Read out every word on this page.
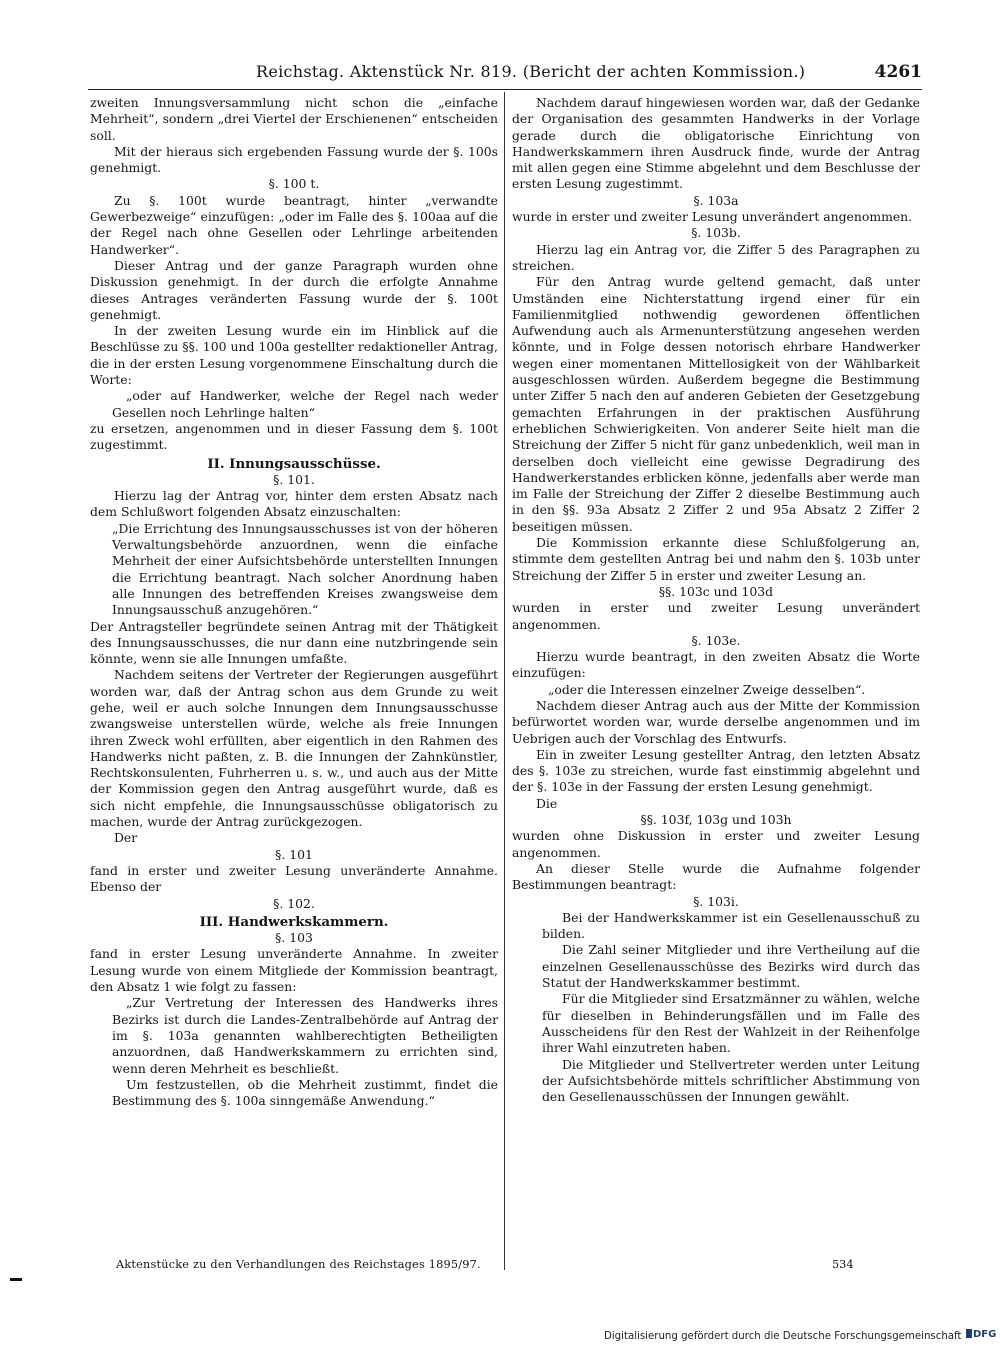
Reichstag. Aktenstück Nr. 819. (Bericht der achten Kommission.)	4261

zweiten Innungsversammlung nicht schon die „einfache Mehrheit“, sondern „drei Viertel der Erschienenen“ entscheiden soll.

Mit der hieraus sich ergebenden Fassung wurde der §. 100s genehmigt.

§. 100 t.

Zu §. 100t wurde beantragt, hinter „verwandte Gewerbezweige“ einzufügen: „oder im Falle des §. 100aa auf die der Regel nach ohne Gesellen oder Lehrlinge arbeitenden Handwerker“.

Dieser Antrag und der ganze Paragraph wurden ohne Diskussion genehmigt. In der durch die erfolgte Annahme dieses Antrages veränderten Fassung wurde der §. 100t genehmigt.

In der zweiten Lesung wurde ein im Hinblick auf die Beschlüsse zu §§. 100 und 100a gestellter redaktioneller Antrag, die in der ersten Lesung vorgenommene Einschaltung durch die Worte:

„oder auf Handwerker, welche der Regel nach weder Gesellen noch Lehrlinge halten“

zu ersetzen, angenommen und in dieser Fassung dem §. 100t zugestimmt.

II. Innungsausschüsse.

§. 101.

Hierzu lag der Antrag vor, hinter dem ersten Absatz nach dem Schlußwort folgenden Absatz einzuschalten:

„Die Errichtung des Innungsausschusses ist von der höheren Verwaltungsbehörde anzuordnen, wenn die einfache Mehrheit der einer Aufsichtsbehörde unterstellten Innungen die Errichtung beantragt. Nach solcher Anordnung haben alle Innungen des betreffenden Kreises zwangsweise dem Innungsausschuß anzugehören.“

Der Antragsteller begründete seinen Antrag mit der Thätigkeit des Innungsausschusses, die nur dann eine nutzbringende sein könnte, wenn sie alle Innungen umfaßte.

Nachdem seitens der Vertreter der Regierungen ausgeführt worden war, daß der Antrag schon aus dem Grunde zu weit gehe, weil er auch solche Innungen dem Innungsausschusse zwangsweise unterstellen würde, welche als freie Innungen ihren Zweck wohl erfüllten, aber eigentlich in den Rahmen des Handwerks nicht paßten, z. B. die Innungen der Zahnkünstler, Rechtskonsulenten, Fuhrherren u. s. w., und auch aus der Mitte der Kommission gegen den Antrag ausgeführt wurde, daß es sich nicht empfehle, die Innungsausschüsse obligatorisch zu machen, wurde der Antrag zurückgezogen.

Der

§. 101

fand in erster und zweiter Lesung unveränderte Annahme. Ebenso der

§. 102.

III. Handwerkskammern.

§. 103

fand in erster Lesung unveränderte Annahme. In zweiter Lesung wurde von einem Mitgliede der Kommission beantragt, den Absatz 1 wie folgt zu fassen:

„Zur Vertretung der Interessen des Handwerks ihres Bezirks ist durch die Landes-Zentralbehörde auf Antrag der im §. 103a genannten wahlberechtigten Betheiligten anzuordnen, daß Handwerkskammern zu errichten sind, wenn deren Mehrheit es beschließt.

Um festzustellen, ob die Mehrheit zustimmt, findet die Bestimmung des §. 100a sinngemäße Anwendung.“

Nachdem darauf hingewiesen worden war, daß der Gedanke der Organisation des gesammten Handwerks in der Vorlage gerade durch die obligatorische Einrichtung von Handwerkskammern ihren Ausdruck finde, wurde der Antrag mit allen gegen eine Stimme abgelehnt und dem Beschlusse der ersten Lesung zugestimmt.

§. 103a

wurde in erster und zweiter Lesung unverändert angenommen.

§. 103b.

Hierzu lag ein Antrag vor, die Ziffer 5 des Paragraphen zu streichen.

Für den Antrag wurde geltend gemacht, daß unter Umständen eine Nichterstattung irgend einer für ein Familienmitglied nothwendig gewordenen öffentlichen Aufwendung auch als Armenunterstützung angesehen werden könnte, und in Folge dessen notorisch ehrbare Handwerker wegen einer momentanen Mittellosigkeit von der Wählbarkeit ausgeschlossen würden. Außerdem begegne die Bestimmung unter Ziffer 5 nach den auf anderen Gebieten der Gesetzgebung gemachten Erfahrungen in der praktischen Ausführung erheblichen Schwierigkeiten. Von anderer Seite hielt man die Streichung der Ziffer 5 nicht für ganz unbedenklich, weil man in derselben doch vielleicht eine gewisse Degradirung des Handwerkerstandes erblicken könne, jedenfalls aber werde man im Falle der Streichung der Ziffer 2 dieselbe Bestimmung auch in den §§. 93a Absatz 2 Ziffer 2 und 95a Absatz 2 Ziffer 2 beseitigen müssen.

Die Kommission erkannte diese Schlußfolgerung an, stimmte dem gestellten Antrag bei und nahm den §. 103b unter Streichung der Ziffer 5 in erster und zweiter Lesung an.

§§. 103c und 103d

wurden in erster und zweiter Lesung unverändert angenommen.

§. 103e.

Hierzu wurde beantragt, in den zweiten Absatz die Worte einzufügen:

„oder die Interessen einzelner Zweige desselben“.

Nachdem dieser Antrag auch aus der Mitte der Kommission befürwortet worden war, wurde derselbe angenommen und im Uebrigen auch der Vorschlag des Entwurfs.

Ein in zweiter Lesung gestellter Antrag, den letzten Absatz des §. 103e zu streichen, wurde fast einstimmig abgelehnt und der §. 103e in der Fassung der ersten Lesung genehmigt.

Die

§§. 103f, 103g und 103h

wurden ohne Diskussion in erster und zweiter Lesung angenommen.

An dieser Stelle wurde die Aufnahme folgender Bestimmungen beantragt:

§. 103i.

Bei der Handwerkskammer ist ein Gesellenausschuß zu bilden.

Die Zahl seiner Mitglieder und ihre Vertheilung auf die einzelnen Gesellenausschüsse des Bezirks wird durch das Statut der Handwerkskammer bestimmt.

Für die Mitglieder sind Ersatzmänner zu wählen, welche für dieselben in Behinderungsfällen und im Falle des Ausscheidens für den Rest der Wahlzeit in der Reihenfolge ihrer Wahl einzutreten haben.

Die Mitglieder und Stellvertreter werden unter Leitung der Aufsichtsbehörde mittels schriftlicher Abstimmung von den Gesellenausschüssen der Innungen gewählt.

Aktenstücke zu den Verhandlungen des Reichstages 1895/97.	534
Digitalisierung gefördert durch die Deutsche Forschungsgemeinschaft	DFG
